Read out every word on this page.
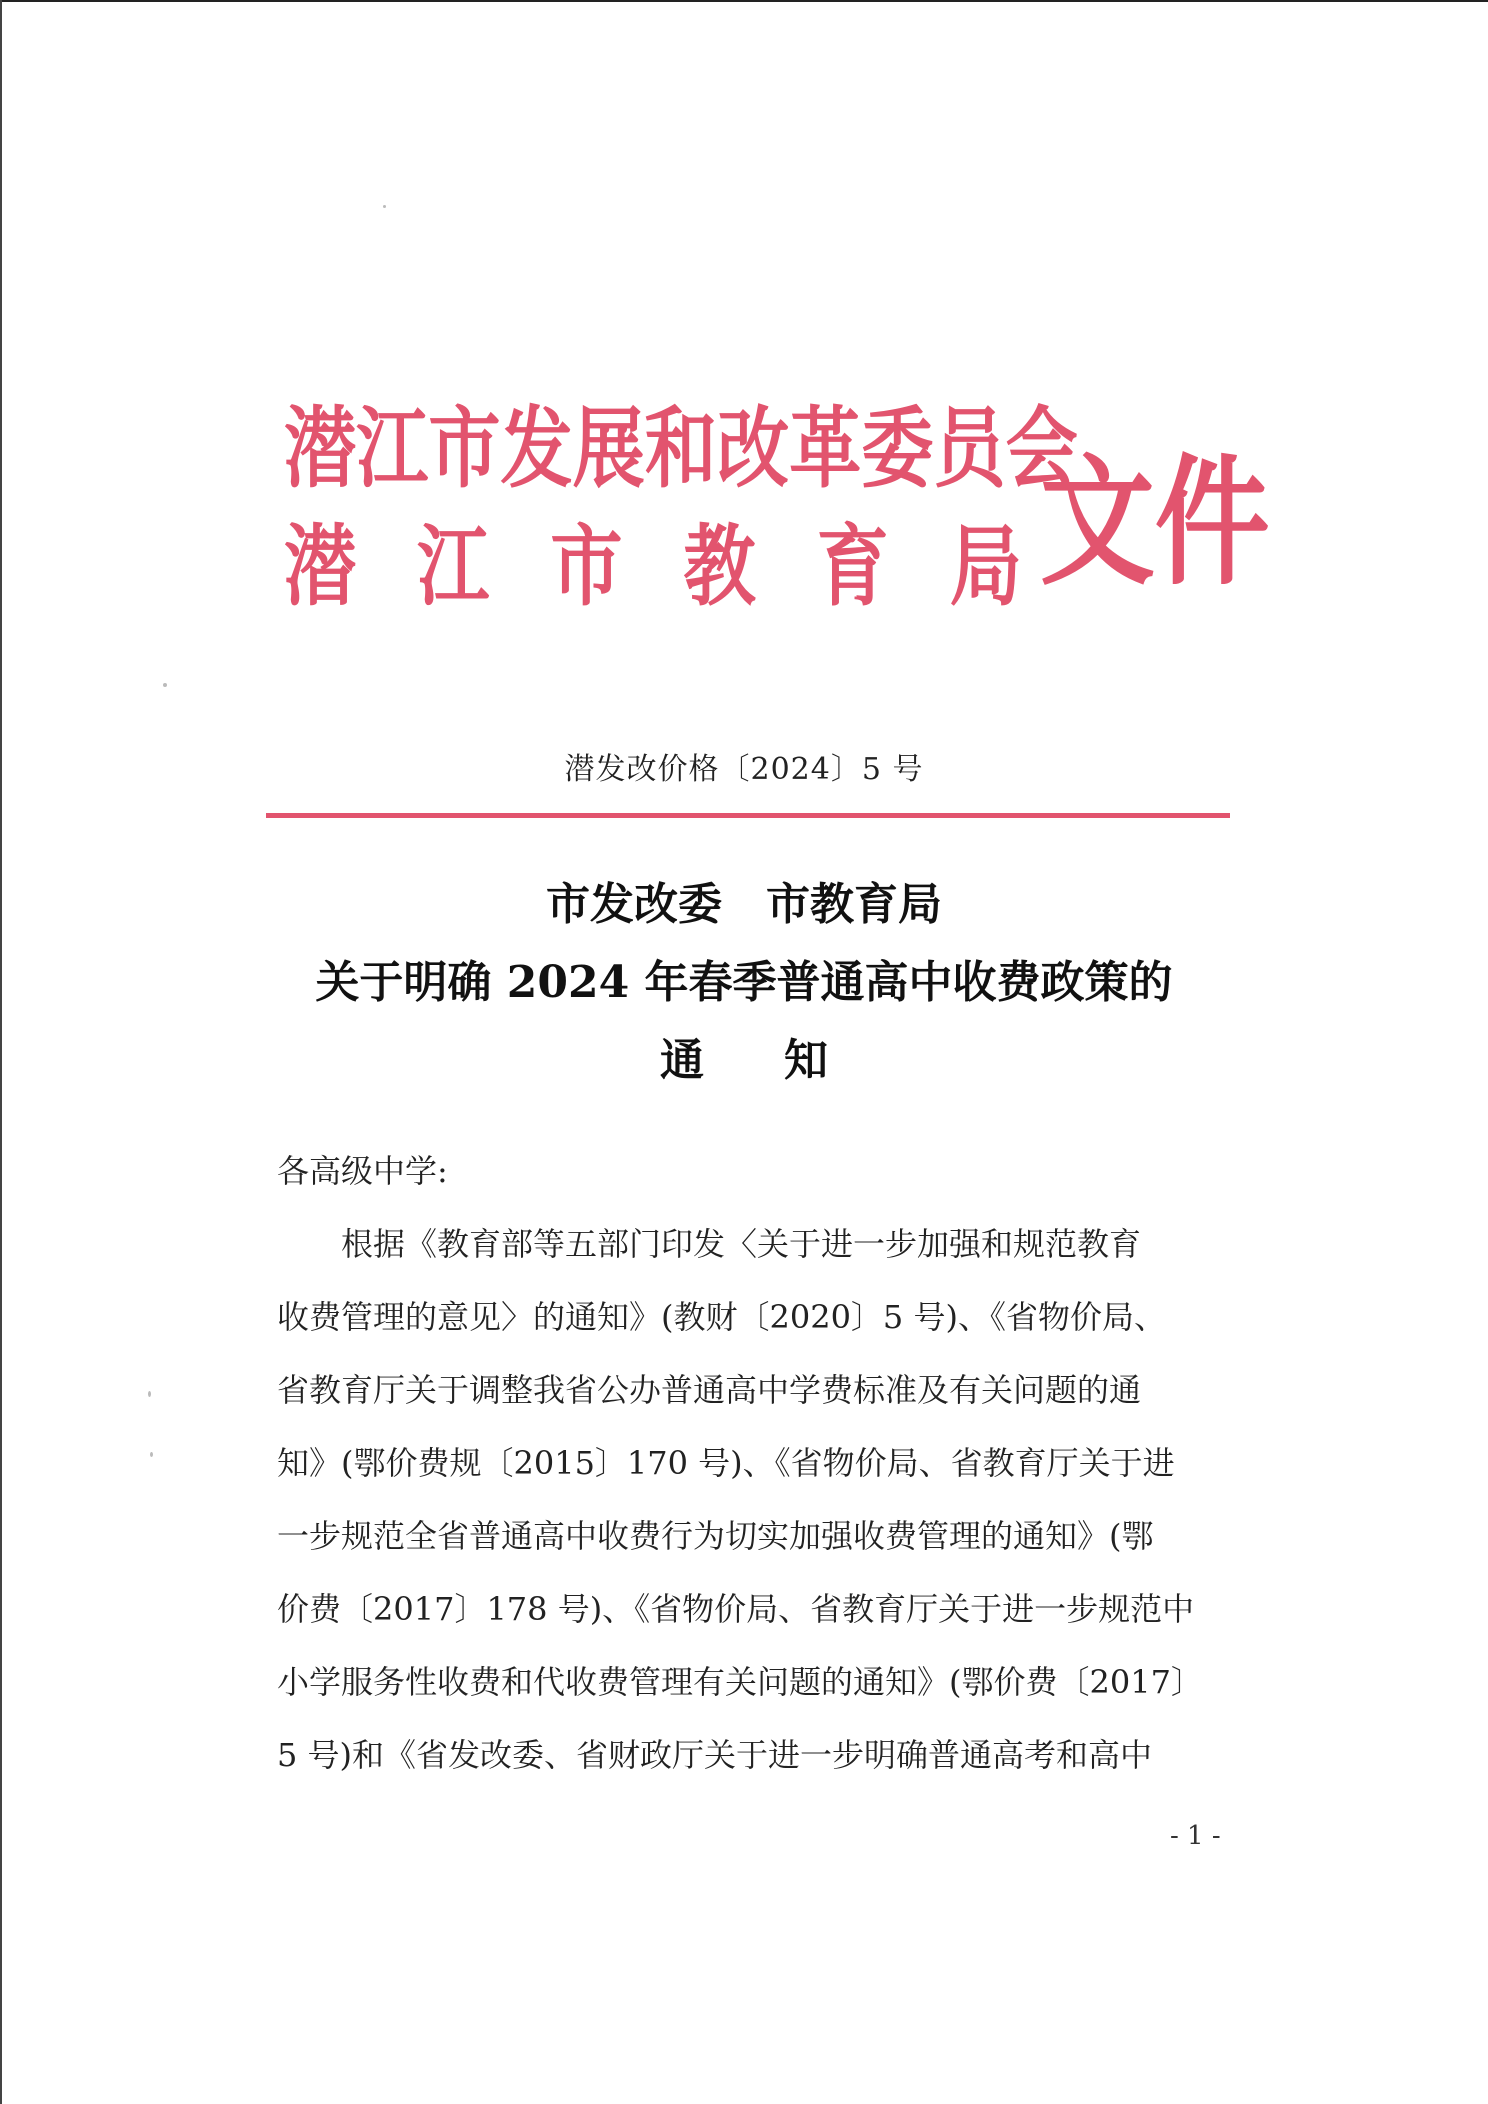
潜江市发展和改革委员会
潜 江 市 教 育 局 文件
潜发改价格〔2024〕5 号
市发改委　市教育局
关于明确 2024 年春季普通高中收费政策的
通知
各高级中学:
根据《教育部等五部门印发〈关于进一步加强和规范教育
收费管理的意见〉的通知》(教财〔2020〕5 号)、《省物价局、
省教育厅关于调整我省公办普通高中学费标准及有关问题的通
知》(鄂价费规〔2015〕170 号)、《省物价局、省教育厅关于进
一步规范全省普通高中收费行为切实加强收费管理的通知》(鄂
价费〔2017〕178 号)、《省物价局、省教育厅关于进一步规范中
小学服务性收费和代收费管理有关问题的通知》(鄂价费〔2017〕
5 号)和《省发改委、省财政厅关于进一步明确普通高考和高中
- 1 -
